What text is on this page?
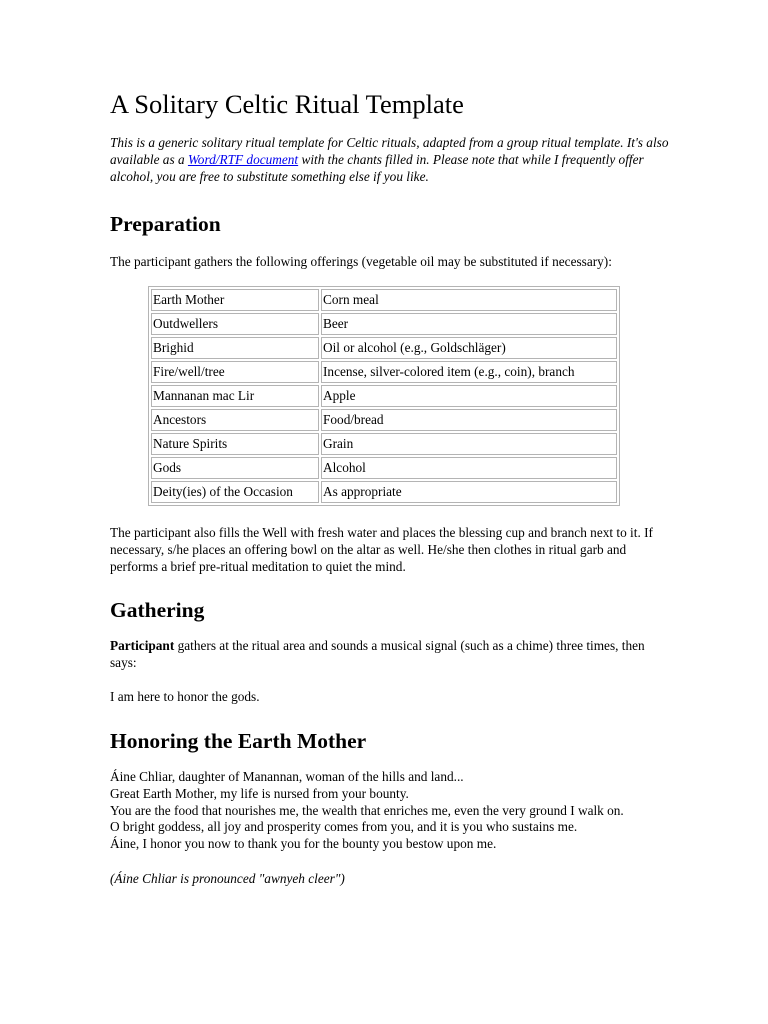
A Solitary Celtic Ritual Template

This is a generic solitary ritual template for Celtic rituals, adapted from a group ritual template. It's also available as a Word/RTF document with the chants filled in. Please note that while I frequently offer alcohol, you are free to substitute something else if you like.

Preparation

The participant gathers the following offerings (vegetable oil may be substituted if necessary):

Earth Mother	Corn meal
Outdwellers	Beer
Brighid	Oil or alcohol (e.g., Goldschläger)
Fire/well/tree	Incense, silver-colored item (e.g., coin), branch
Mannanan mac Lir	Apple
Ancestors	Food/bread
Nature Spirits	Grain
Gods	Alcohol
Deity(ies) of the Occasion	As appropriate

The participant also fills the Well with fresh water and places the blessing cup and branch next to it. If necessary, s/he places an offering bowl on the altar as well. He/she then clothes in ritual garb and performs a brief pre-ritual meditation to quiet the mind.

Gathering

Participant gathers at the ritual area and sounds a musical signal (such as a chime) three times, then says:

I am here to honor the gods.

Honoring the Earth Mother

Áine Chliar, daughter of Manannan, woman of the hills and land...

Great Earth Mother, my life is nursed from your bounty.

You are the food that nourishes me, the wealth that enriches me, even the very ground I walk on.

O bright goddess, all joy and prosperity comes from you, and it is you who sustains me.

Áine, I honor you now to thank you for the bounty you bestow upon me.

(Áine Chliar is pronounced "awnyeh cleer")
